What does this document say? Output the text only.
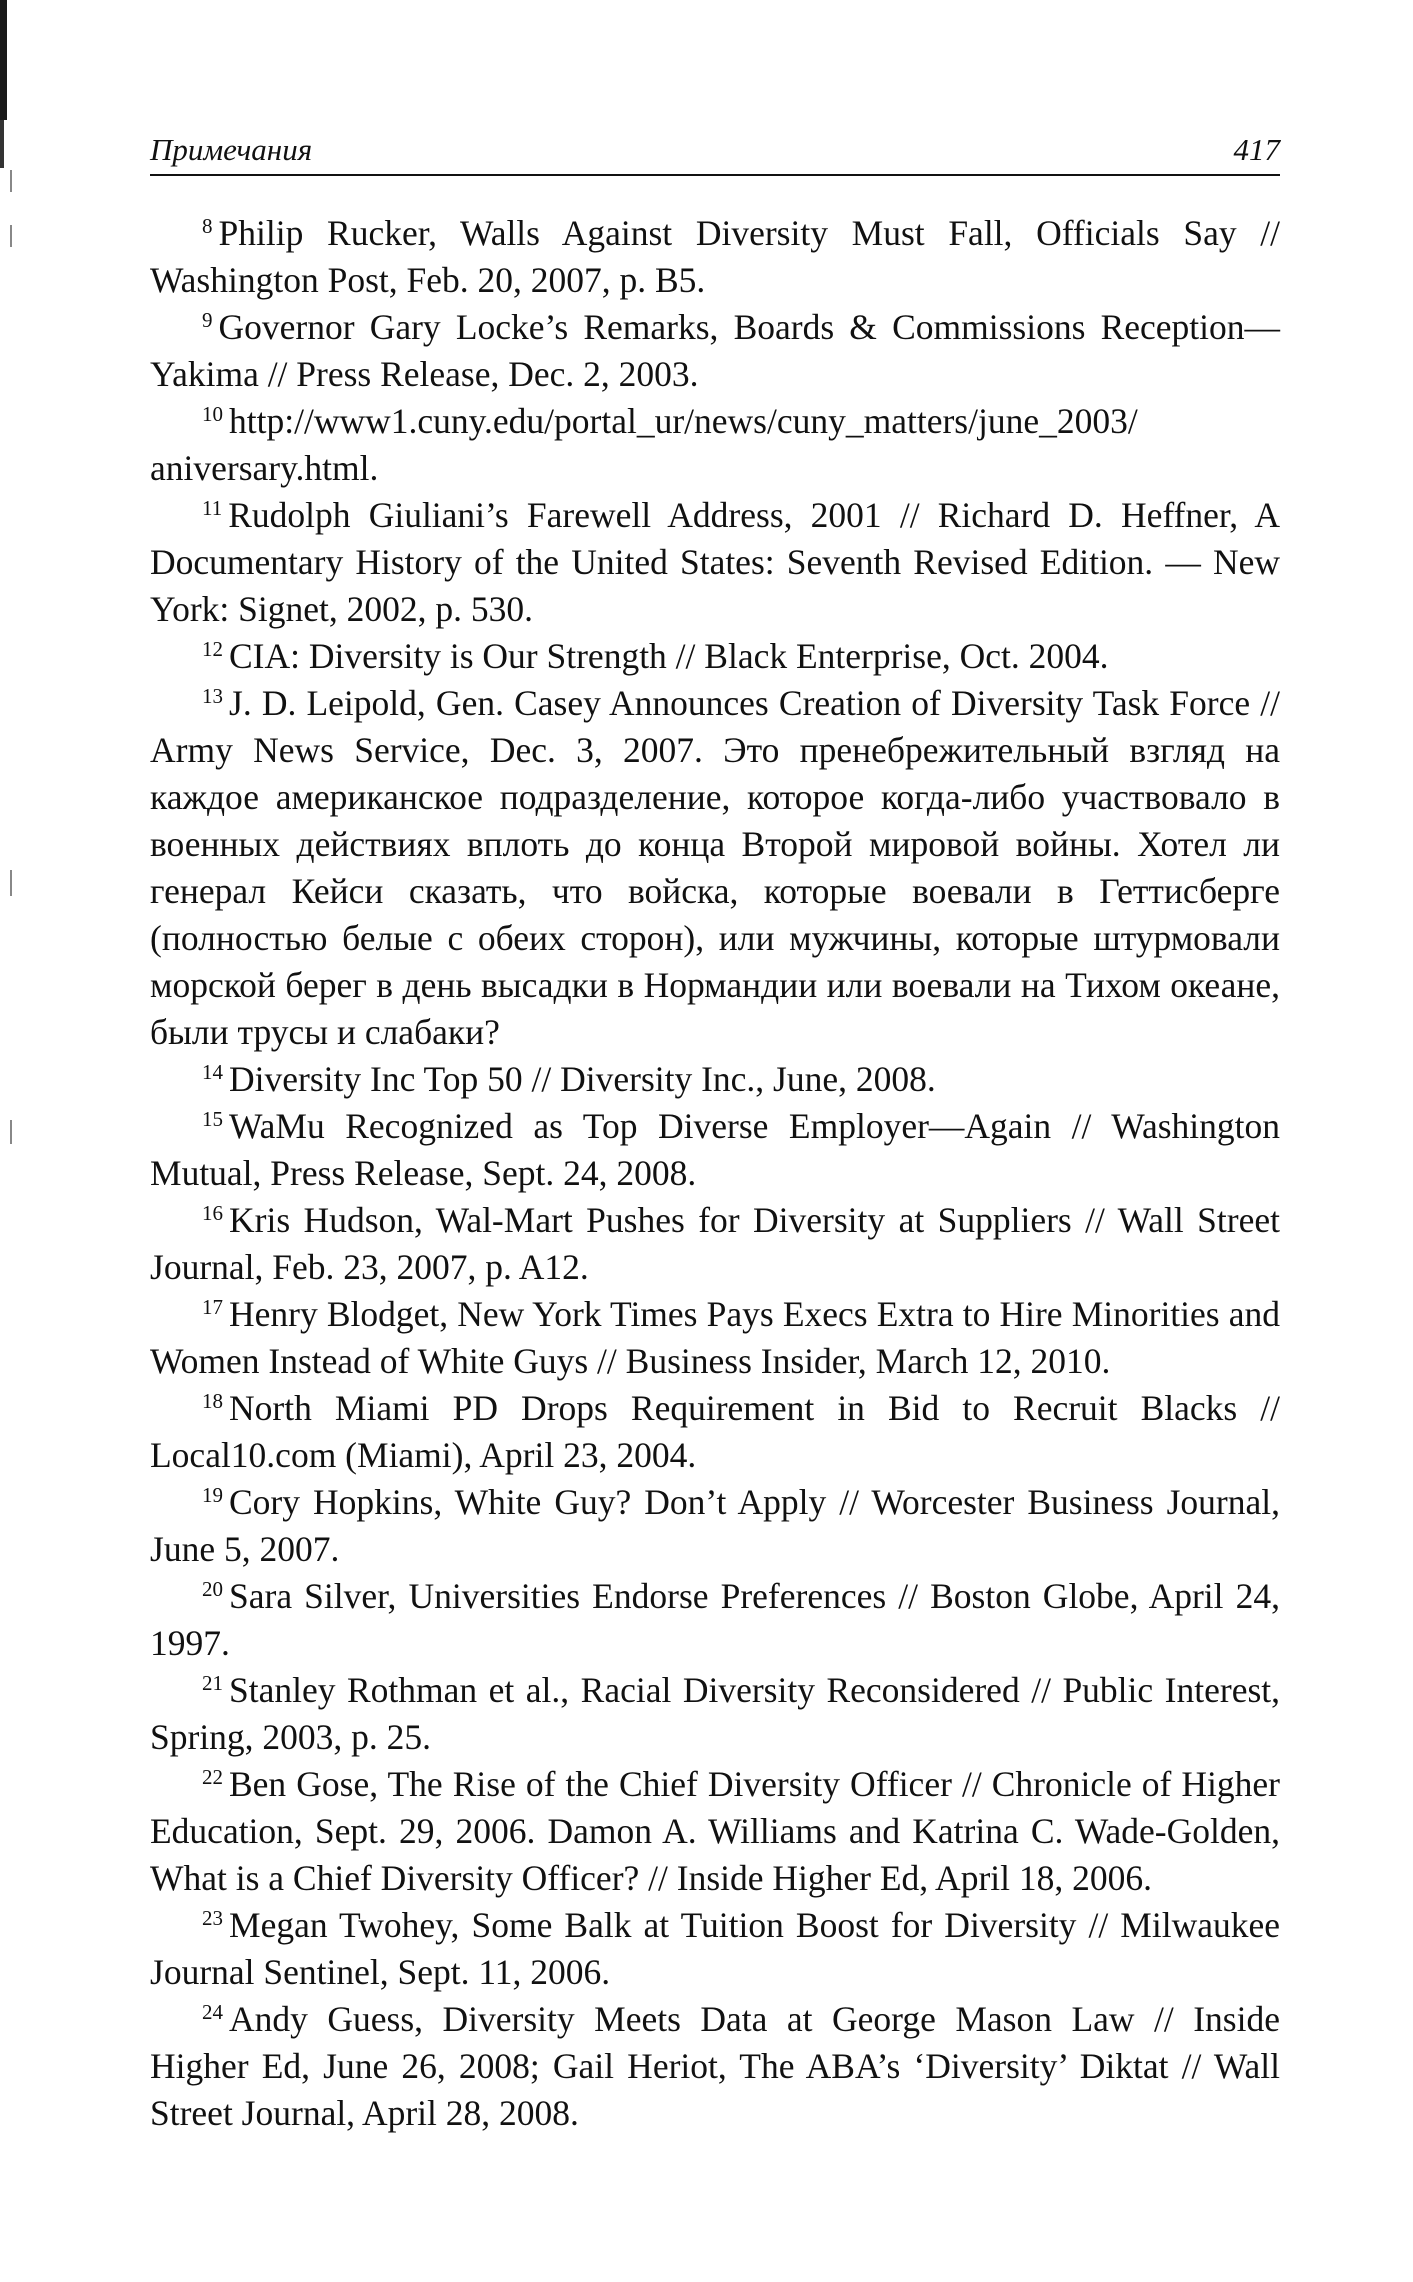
Примечания	417

$^8$ Philip Rucker, Walls Against Diversity Must Fall, Officials Say // Washington Post, Feb. 20, 2007, p. B5.

$^9$ Governor Gary Locke’s Remarks, Boards & Commissions Reception—Yakima // Press Release, Dec. 2, 2003.

$^{10}$ http://www1.cuny.edu/portal_ur/news/cuny_matters/june_2003/ aniversary.html.

$^{11}$ Rudolph Giuliani’s Farewell Address, 2001 // Richard D. Heffner, A Documentary History of the United States: Seventh Revised Edition. — New York: Signet, 2002, p. 530.

$^{12}$ CIA: Diversity is Our Strength // Black Enterprise, Oct. 2004.

$^{13}$ J. D. Leipold, Gen. Casey Announces Creation of Diversity Task Force // Army News Service, Dec. 3, 2007. Это пренебрежительный взгляд на каждое американское подразделение, которое когда-либо участвовало в военных действиях вплоть до конца Второй мировой войны. Хотел ли генерал Кейси сказать, что войска, которые воевали в Геттисберге (полностью белые с обеих сторон), или мужчины, которые штурмовали морской берег в день высадки в Нормандии или воевали на Тихом океане, были трусы и слабаки?

$^{14}$ Diversity Inc Top 50 // Diversity Inc., June, 2008.

$^{15}$ WaMu Recognized as Top Diverse Employer—Again // Washington Mutual, Press Release, Sept. 24, 2008.

$^{16}$ Kris Hudson, Wal-Mart Pushes for Diversity at Suppliers // Wall Street Journal, Feb. 23, 2007, p. A12.

$^{17}$ Henry Blodget, New York Times Pays Execs Extra to Hire Minorities and Women Instead of White Guys // Business Insider, March 12, 2010.

$^{18}$ North Miami PD Drops Requirement in Bid to Recruit Blacks // Local10.com (Miami), April 23, 2004.

$^{19}$ Cory Hopkins, White Guy? Don’t Apply // Worcester Business Journal, June 5, 2007.

$^{20}$ Sara Silver, Universities Endorse Preferences // Boston Globe, April 24, 1997.

$^{21}$ Stanley Rothman et al., Racial Diversity Reconsidered // Public Interest, Spring, 2003, p. 25.

$^{22}$ Ben Gose, The Rise of the Chief Diversity Officer // Chronicle of Higher Education, Sept. 29, 2006. Damon A. Williams and Katrina C. Wade-Golden, What is a Chief Diversity Officer? // Inside Higher Ed, April 18, 2006.

$^{23}$ Megan Twohey, Some Balk at Tuition Boost for Diversity // Milwaukee Journal Sentinel, Sept. 11, 2006.

$^{24}$ Andy Guess, Diversity Meets Data at George Mason Law // Inside Higher Ed, June 26, 2008; Gail Heriot, The ABA’s ‘Diversity’ Diktat // Wall Street Journal, April 28, 2008.
